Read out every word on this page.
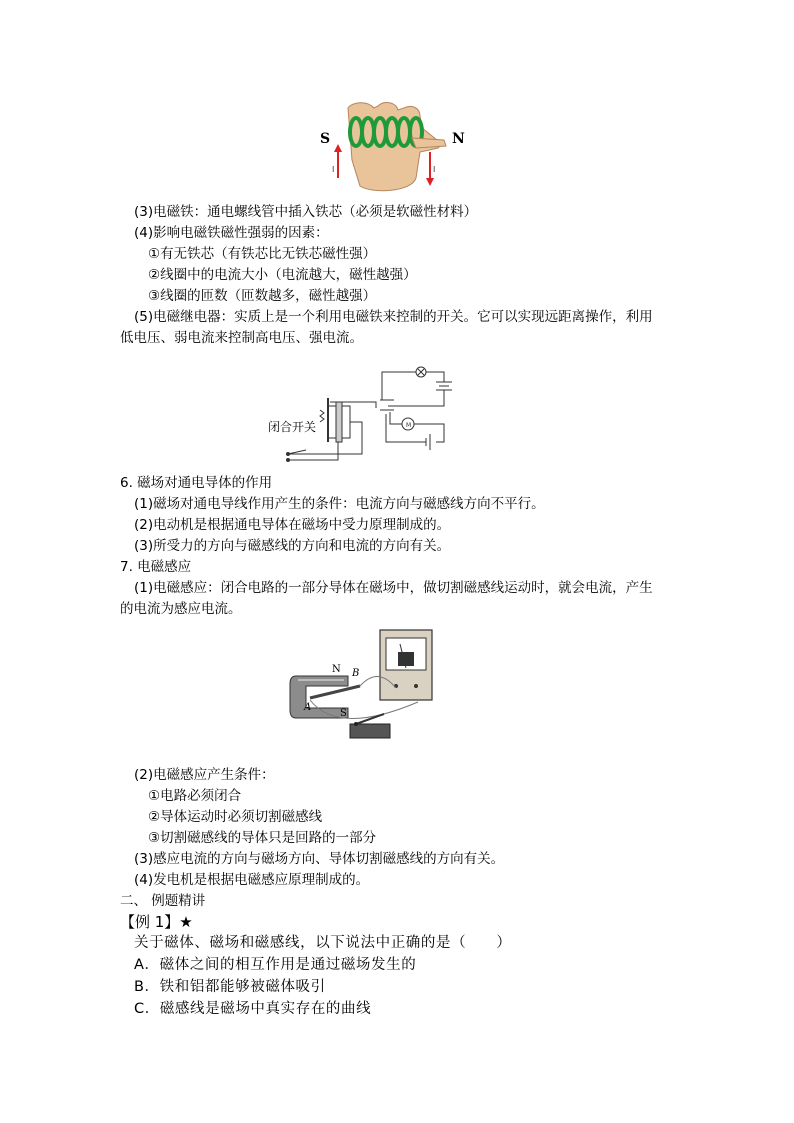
I	I
S	N
(3)电磁铁：通电螺线管中插入铁芯（必须是软磁性材料）
(4)影响电磁铁磁性强弱的因素：
①有无铁芯（有铁芯比无铁芯磁性强）
②线圈中的电流大小（电流越大，磁性越强）
③线圈的匝数（匝数越多，磁性越强）
(5)电磁继电器：实质上是一个利用电磁铁来控制的开关。它可以实现远距离操作，利用
低电压、弱电流来控制高电压、强电流。
M
闭合开关
6. 磁场对通电导体的作用
(1)磁场对通电导线作用产生的条件：电流方向与磁感线方向不平行。
(2)电动机是根据通电导体在磁场中受力原理制成的。
(3)所受力的方向与磁感线的方向和电流的方向有关。
7. 电磁感应
(1)电磁感应：闭合电路的一部分导体在磁场中，做切割磁感线运动时，就会电流，产生
的电流为感应电流。
N
S
A
B
(2)电磁感应产生条件：
①电路必须闭合
②导体运动时必须切割磁感线
③切割磁感线的导体只是回路的一部分
(3)感应电流的方向与磁场方向、导体切割磁感线的方向有关。
(4)发电机是根据电磁感应原理制成的。
二、 例题精讲
【例 1】★
关于磁体、磁场和磁感线，以下说法中正确的是（　　）
A．磁体之间的相互作用是通过磁场发生的
B．铁和铝都能够被磁体吸引
C．磁感线是磁场中真实存在的曲线
